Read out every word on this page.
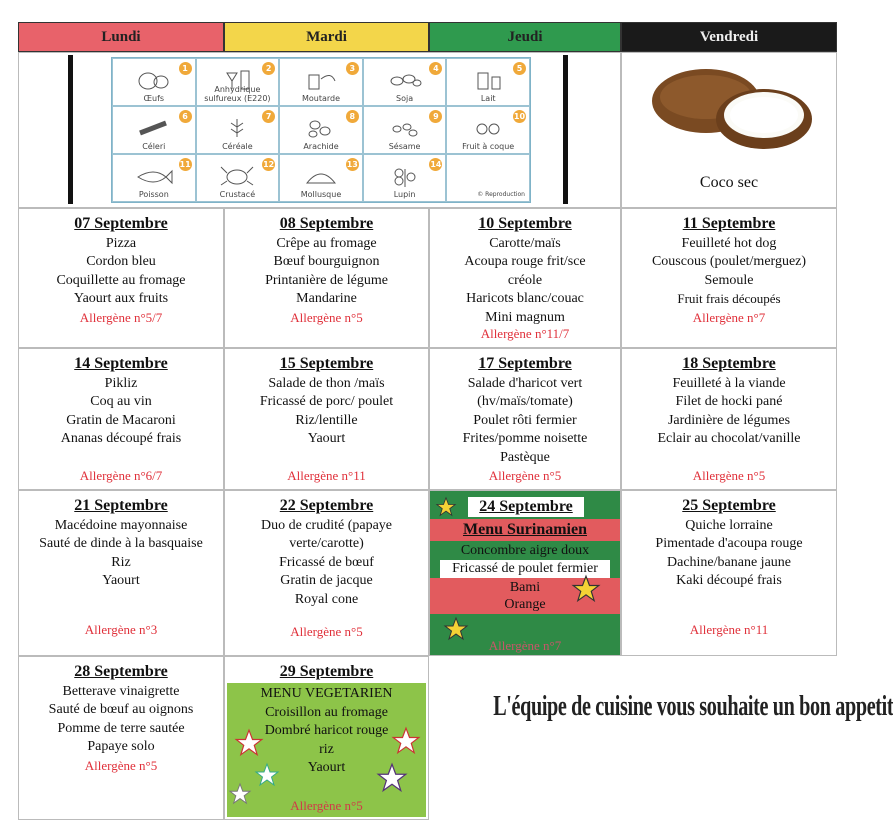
Lundi	Mardi	Jeudi	Vendredi
1
Œufs
2
Anhydrique sulfureux (E220)
3
Moutarde
4
Soja
5
Lait
6
Céleri
7
Céréale
8
Arachide
9
Sésame
10
Fruit à coque
11
Poisson
12
Crustacé
13
Mollusque
14
Lupin	© Reproduction
Coco sec
07 Septembre
Pizza
Cordon bleu
Coquillette au fromage
Yaourt aux fruits
Allergène n°5/7
08 Septembre
Crêpe au fromage
Bœuf bourguignon
Printanière de légume
Mandarine
Allergène n°5
10 Septembre
Carotte/maïs
Acoupa rouge frit/sce
créole
Haricots blanc/couac
Mini magnum
Allergène n°11/7
11 Septembre
Feuilleté hot dog
Couscous (poulet/merguez)
Semoule
Fruit frais découpés
Allergène n°7
14 Septembre
Pikliz
Coq au vin
Gratin de Macaroni
Ananas découpé frais
Allergène n°6/7
15 Septembre
Salade de thon /maïs
Fricassé de porc/ poulet
Riz/lentille
Yaourt
Allergène n°11
17 Septembre
Salade d'haricot vert
(hv/maïs/tomate)
Poulet rôti fermier
Frites/pomme noisette
Pastèque
Allergène n°5
18 Septembre
Feuilleté à la viande
Filet de hocki pané
Jardinière de légumes
Eclair au chocolat/vanille
Allergène n°5
21 Septembre
Macédoine mayonnaise
Sauté de dinde à la basquaise
Riz
Yaourt
Allergène n°3
22 Septembre
Duo de crudité (papaye
verte/carotte)
Fricassé de bœuf
Gratin de jacque
Royal cone
Allergène n°5
24 Septembre
Menu Surinamien
Concombre aigre doux
Fricassé de poulet fermier
Bami
Orange
Allergène n°7
25 Septembre
Quiche lorraine
Pimentade d'acoupa rouge
Dachine/banane jaune
Kaki découpé frais
Allergène n°11
28 Septembre
Betterave vinaigrette
Sauté de bœuf au oignons
Pomme de terre sautée
Papaye solo
Allergène n°5
29 Septembre
MENU VEGETARIEN
Croisillon au fromage
Dombré haricot rouge
riz
Yaourt
Allergène n°5
L'équipe de cuisine vous souhaite un bon appetit
